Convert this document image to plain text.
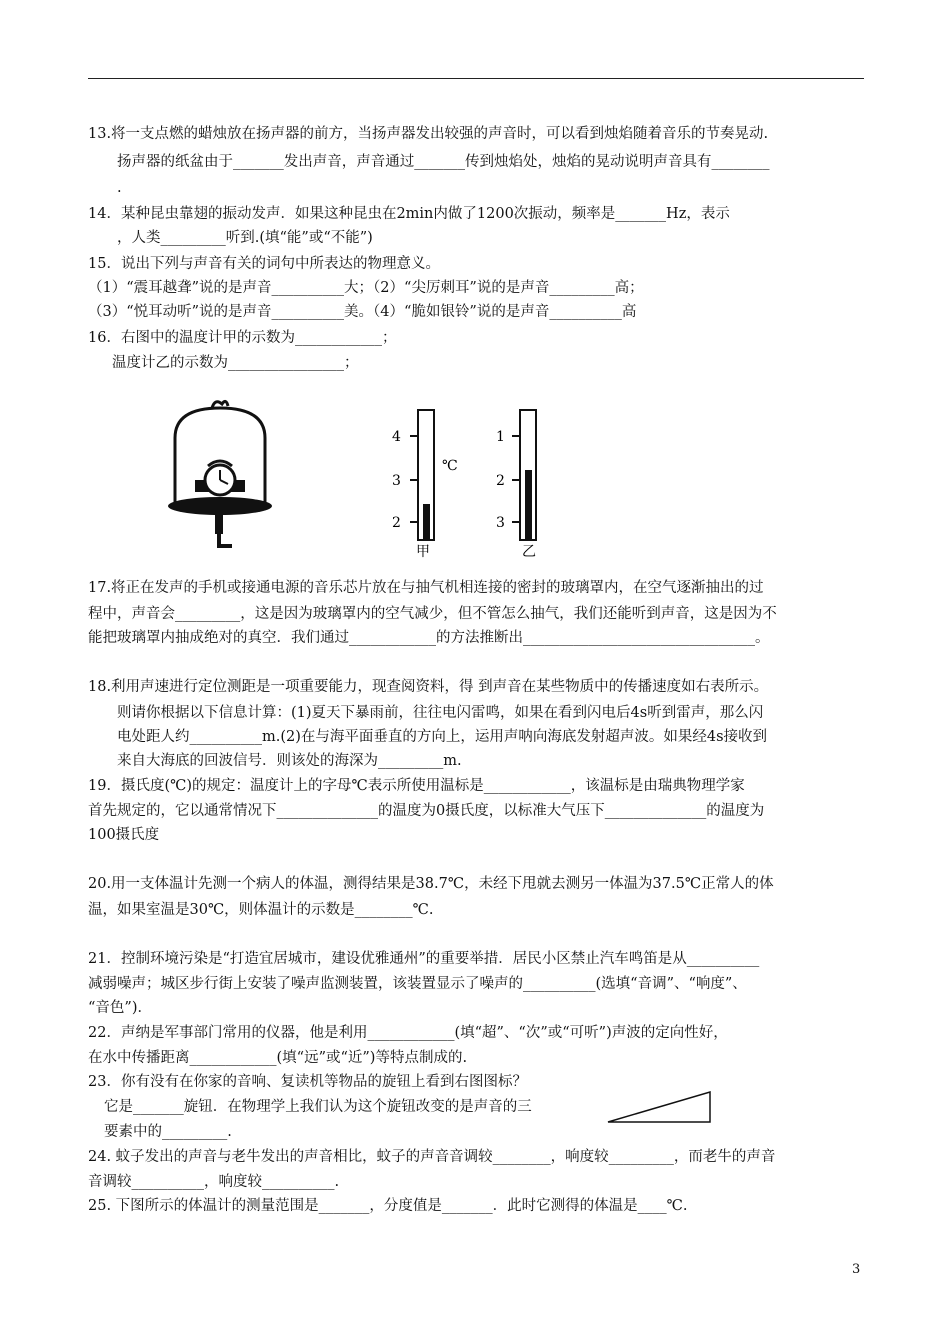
13.将一支点燃的蜡烛放在扬声器的前方，当扬声器发出较强的声音时，可以看到烛焰随着音乐的节奏晃动.
扬声器的纸盆由于_______发出声音，声音通过_______传到烛焰处，烛焰的晃动说明声音具有________
.
14．某种昆虫靠翅的振动发声．如果这种昆虫在2min内做了1200次振动，频率是_______Hz，表示
，人类_________听到.(填“能”或“不能”)
15．说出下列与声音有关的词句中所表达的物理意义。
（1）“震耳越聋”说的是声音__________大；（2）“尖厉刺耳”说的是声音_________高；
（3）“悦耳动听”说的是声音__________美。（4）“脆如银铃”说的是声音__________高
16．右图中的温度计甲的示数为____________；
温度计乙的示数为________________；
4
3
2
℃
甲
1
2
3
乙
17.将正在发声的手机或接通电源的音乐芯片放在与抽气机相连接的密封的玻璃罩内，在空气逐渐抽出的过
程中，声音会_________，这是因为玻璃罩内的空气减少，但不管怎么抽气，我们还能听到声音，这是因为不
能把玻璃罩内抽成绝对的真空．我们通过____________的方法推断出________________________________。
18.利用声速进行定位测距是一项重要能力，现查阅资料，得 到声音在某些物质中的传播速度如右表所示。
则请你根据以下信息计算：(1)夏天下暴雨前，往往电闪雷鸣，如果在看到闪电后4s听到雷声，那么闪
电处距人约__________m.(2)在与海平面垂直的方向上，运用声呐向海底发射超声波。如果经4s接收到
来自大海底的回波信号．则该处的海深为_________m.
19．摄氏度(℃)的规定：温度计上的字母℃表示所使用温标是____________，该温标是由瑞典物理学家
首先规定的，它以通常情况下______________的温度为0摄氏度，以标准大气压下______________的温度为
100摄氏度
20.用一支体温计先测一个病人的体温，测得结果是38.7℃，未经下甩就去测另一体温为37.5℃正常人的体
温，如果室温是30℃，则体温计的示数是________℃.
21．控制环境污染是“打造宜居城市，建设优雅通州”的重要举措．居民小区禁止汽车鸣笛是从__________
减弱噪声；城区步行街上安装了噪声监测装置，该装置显示了噪声的__________(选填“音调”、“响度”、
“音色”)．
22．声纳是军事部门常用的仪器，他是利用____________(填“超”、“次”或“可听”)声波的定向性好，
在水中传播距离____________(填“远”或“近”)等特点制成的.
23．你有没有在你家的音响、复读机等物品的旋钮上看到右图图标？
它是_______旋钮．在物理学上我们认为这个旋钮改变的是声音的三
要素中的_________.
24. 蚊子发出的声音与老牛发出的声音相比，蚊子的声音音调较________，响度较_________，而老牛的声音
音调较__________，响度较__________.
25. 下图所示的体温计的测量范围是_______，分度值是_______．此时它测得的体温是____℃.
3
